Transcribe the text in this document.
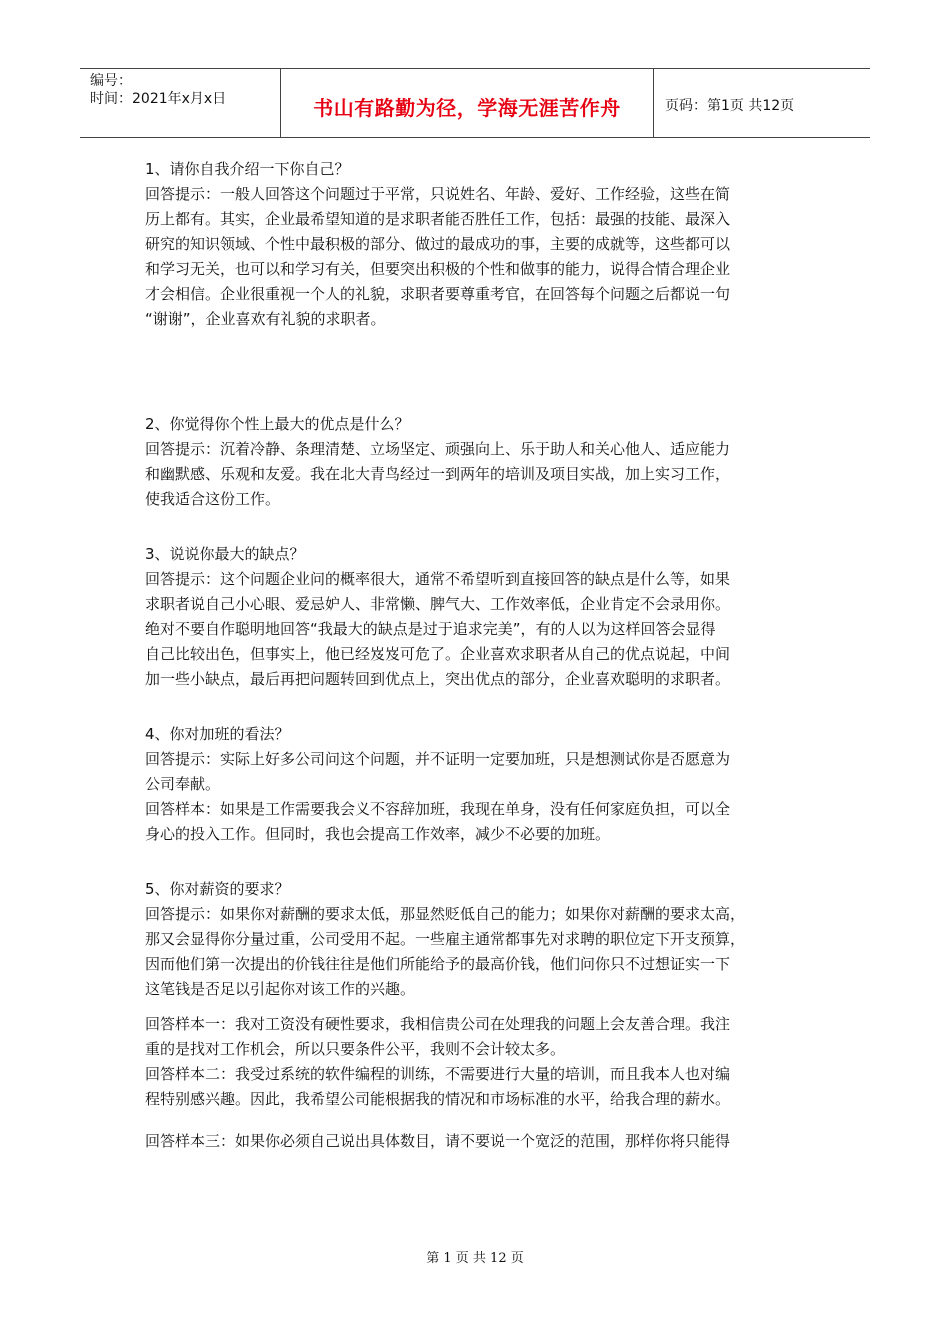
编号：
时间：2021年x月x日	书山有路勤为径，学海无涯苦作舟	页码：第1页 共12页

1、请你自我介绍一下你自己？

回答提示：一般人回答这个问题过于平常，只说姓名、年龄、爱好、工作经验，这些在简

历上都有。其实，企业最希望知道的是求职者能否胜任工作，包括：最强的技能、最深入

研究的知识领域、个性中最积极的部分、做过的最成功的事，主要的成就等，这些都可以

和学习无关，也可以和学习有关，但要突出积极的个性和做事的能力，说得合情合理企业

才会相信。企业很重视一个人的礼貌，求职者要尊重考官，在回答每个问题之后都说一句

“谢谢”，企业喜欢有礼貌的求职者。

2、你觉得你个性上最大的优点是什么？

回答提示：沉着冷静、条理清楚、立场坚定、顽强向上、乐于助人和关心他人、适应能力

和幽默感、乐观和友爱。我在北大青鸟经过一到两年的培训及项目实战，加上实习工作，

使我适合这份工作。

3、说说你最大的缺点？

回答提示：这个问题企业问的概率很大，通常不希望听到直接回答的缺点是什么等，如果

求职者说自己小心眼、爱忌妒人、非常懒、脾气大、工作效率低，企业肯定不会录用你。

绝对不要自作聪明地回答“我最大的缺点是过于追求完美”，有的人以为这样回答会显得

自己比较出色，但事实上，他已经岌岌可危了。企业喜欢求职者从自己的优点说起，中间

加一些小缺点，最后再把问题转回到优点上，突出优点的部分，企业喜欢聪明的求职者。

4、你对加班的看法？

回答提示：实际上好多公司问这个问题，并不证明一定要加班，只是想测试你是否愿意为

公司奉献。

回答样本：如果是工作需要我会义不容辞加班，我现在单身，没有任何家庭负担，可以全

身心的投入工作。但同时，我也会提高工作效率，减少不必要的加班。

5、你对薪资的要求？

回答提示：如果你对薪酬的要求太低，那显然贬低自己的能力；如果你对薪酬的要求太高，

那又会显得你分量过重，公司受用不起。一些雇主通常都事先对求聘的职位定下开支预算，

因而他们第一次提出的价钱往往是他们所能给予的最高价钱，他们问你只不过想证实一下

这笔钱是否足以引起你对该工作的兴趣。

回答样本一：我对工资没有硬性要求，我相信贵公司在处理我的问题上会友善合理。我注

重的是找对工作机会，所以只要条件公平，我则不会计较太多。

回答样本二：我受过系统的软件编程的训练，不需要进行大量的培训，而且我本人也对编

程特别感兴趣。因此，我希望公司能根据我的情况和市场标准的水平，给我合理的薪水。

回答样本三：如果你必须自己说出具体数目，请不要说一个宽泛的范围，那样你将只能得

第 1 页 共 12 页
